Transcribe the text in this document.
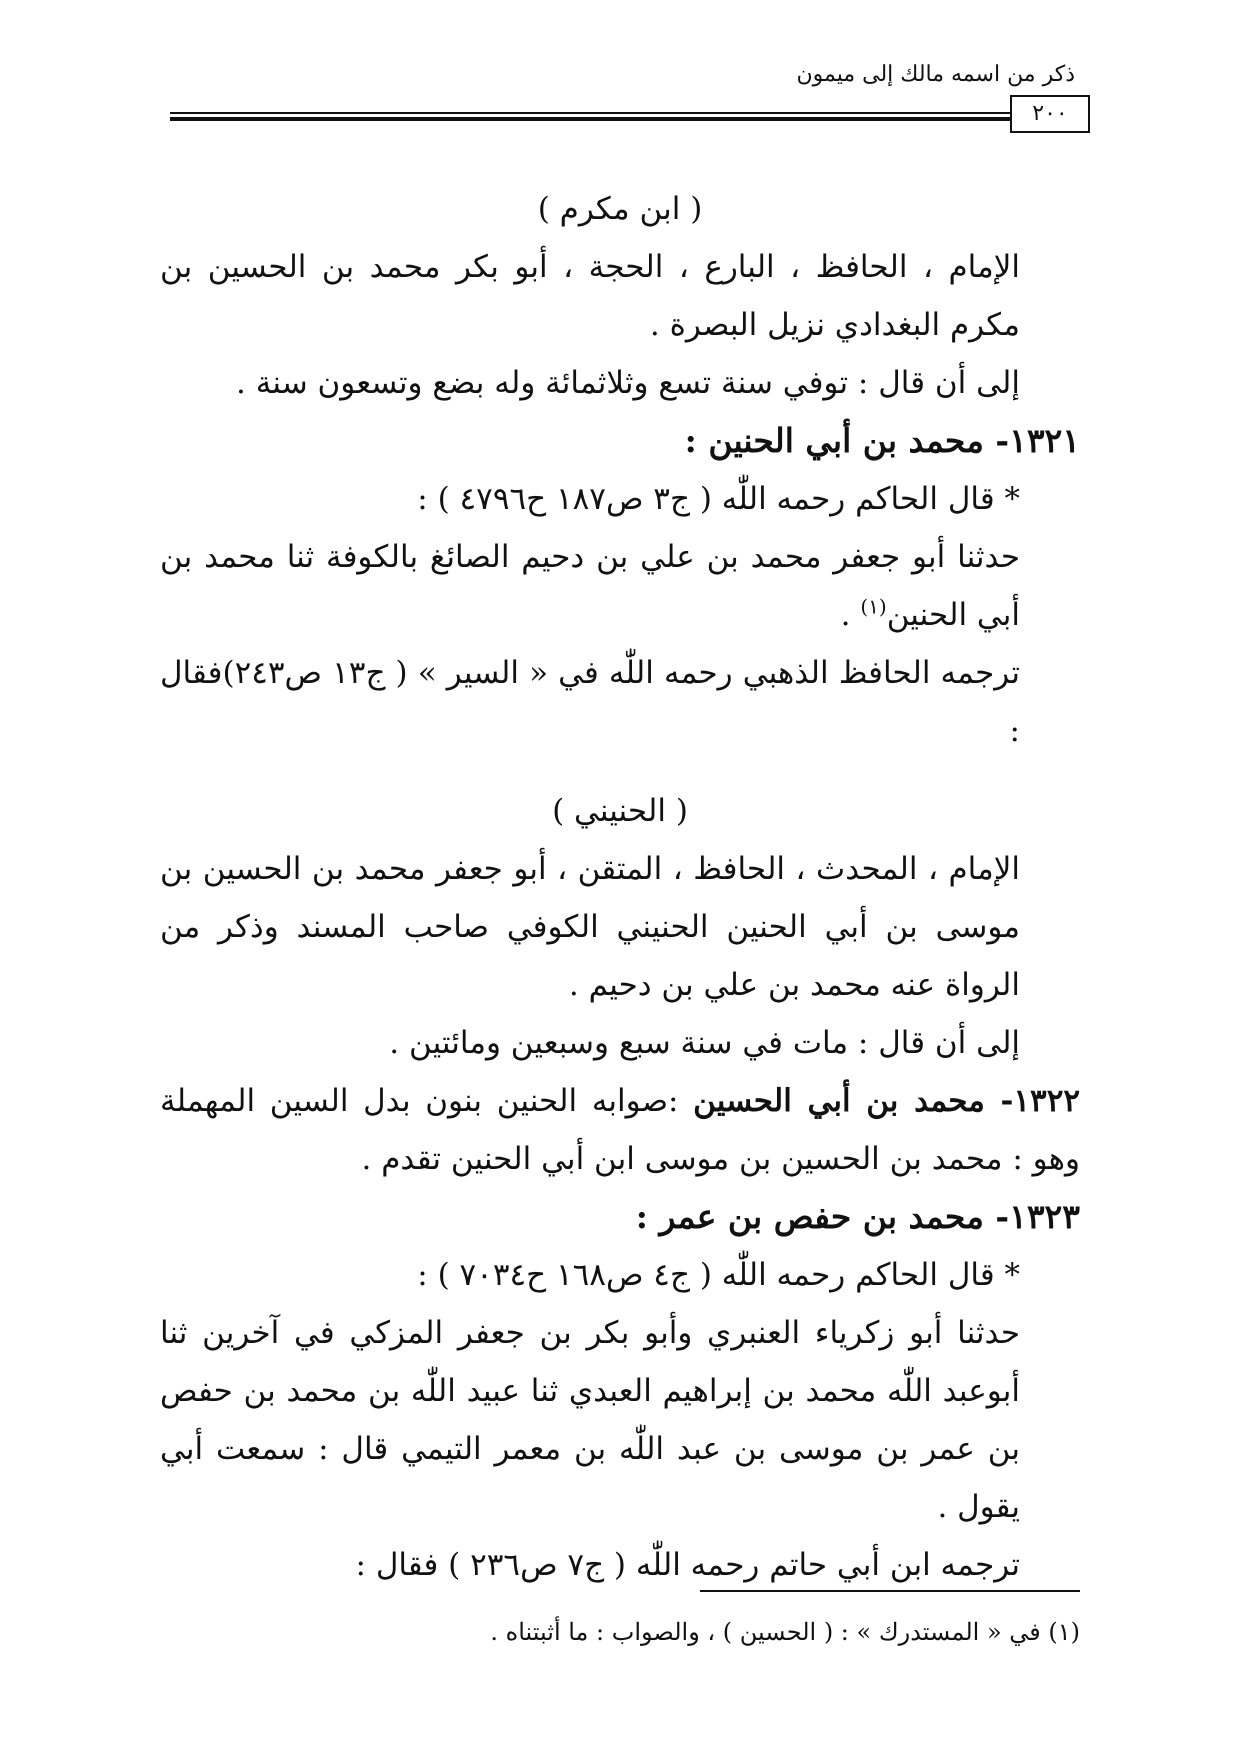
ذكر من اسمه مالك إلى ميمون
٢٠٠

( ابن مكرم )

الإمام ، الحافظ ، البارع ، الحجة ، أبو بكر محمد بن الحسين بن مكرم البغدادي نزيل البصرة .

إلى أن قال : توفي سنة تسع وثلاثمائة وله بضع وتسعون سنة .

١٣٢١- محمد بن أبي الحنين :

* قال الحاكم رحمه اللّٰه ( ج٣ ص١٨٧ ح٤٧٩٦ ) :

حدثنا أبو جعفر محمد بن علي بن دحيم الصائغ بالكوفة ثنا محمد بن أبي الحنين$^{(١)}$ .

ترجمه الحافظ الذهبي رحمه اللّٰه في « السير » ( ج١٣ ص٢٤٣)فقال :

( الحنيني )

الإمام ، المحدث ، الحافظ ، المتقن ، أبو جعفر محمد بن الحسين بن موسى بن أبي الحنين الحنيني الكوفي صاحب المسند وذكر من الرواة عنه محمد بن علي بن دحيم .

إلى أن قال : مات في سنة سبع وسبعين ومائتين .

١٣٢٢- محمد بن أبي الحسين :صوابه الحنين بنون بدل السين المهملة وهو : محمد بن الحسين بن موسى ابن أبي الحنين تقدم .

١٣٢٣- محمد بن حفص بن عمر :

* قال الحاكم رحمه اللّٰه ( ج٤ ص١٦٨ ح٧٠٣٤ ) :

حدثنا أبو زكرياء العنبري وأبو بكر بن جعفر المزكي في آخرين ثنا أبوعبد اللّٰه محمد بن إبراهيم العبدي ثنا عبيد اللّٰه بن محمد بن حفص بن عمر بن موسى بن عبد اللّٰه بن معمر التيمي قال : سمعت أبي يقول .

ترجمه ابن أبي حاتم رحمه اللّٰه ( ج٧ ص٢٣٦ ) فقال :

(١) في « المستدرك » : ( الحسين ) ، والصواب : ما أثبتناه .
